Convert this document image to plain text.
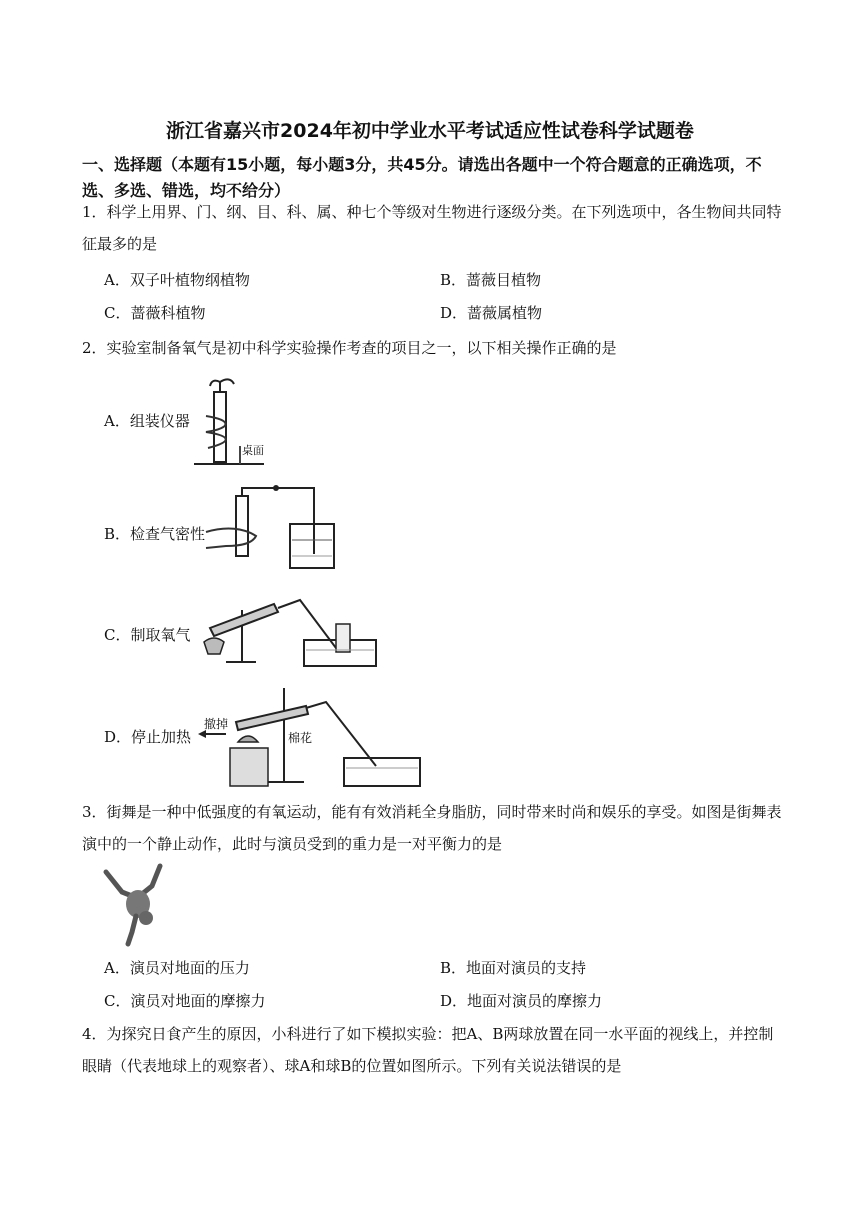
浙江省嘉兴市2024年初中学业水平考试适应性试卷科学试题卷
一、选择题（本题有15小题，每小题3分，共45分。请选出各题中一个符合题意的正确选项，不选、多选、错选，均不给分）
1．科学上用界、门、纲、目、科、属、种七个等级对生物进行逐级分类。在下列选项中，各生物间共同特征最多的是
A．双子叶植物纲植物	B．蔷薇目植物
C．蔷薇科植物	D．蔷薇属植物
2．实验室制备氧气是初中科学实验操作考查的项目之一，以下相关操作正确的是
A．组装仪器
桌面
B．检查气密性
C．制取氧气
D．停止加热
撤掉
棉花
3．街舞是一种中低强度的有氧运动，能有有效消耗全身脂肪，同时带来时尚和娱乐的享受。如图是街舞表演中的一个静止动作，此时与演员受到的重力是一对平衡力的是
A．演员对地面的压力	B．地面对演员的支持
C．演员对地面的摩擦力	D．地面对演员的摩擦力
4．为探究日食产生的原因，小科进行了如下模拟实验：把A、B两球放置在同一水平面的视线上，并控制眼睛（代表地球上的观察者）、球A和球B的位置如图所示。下列有关说法错误的是
